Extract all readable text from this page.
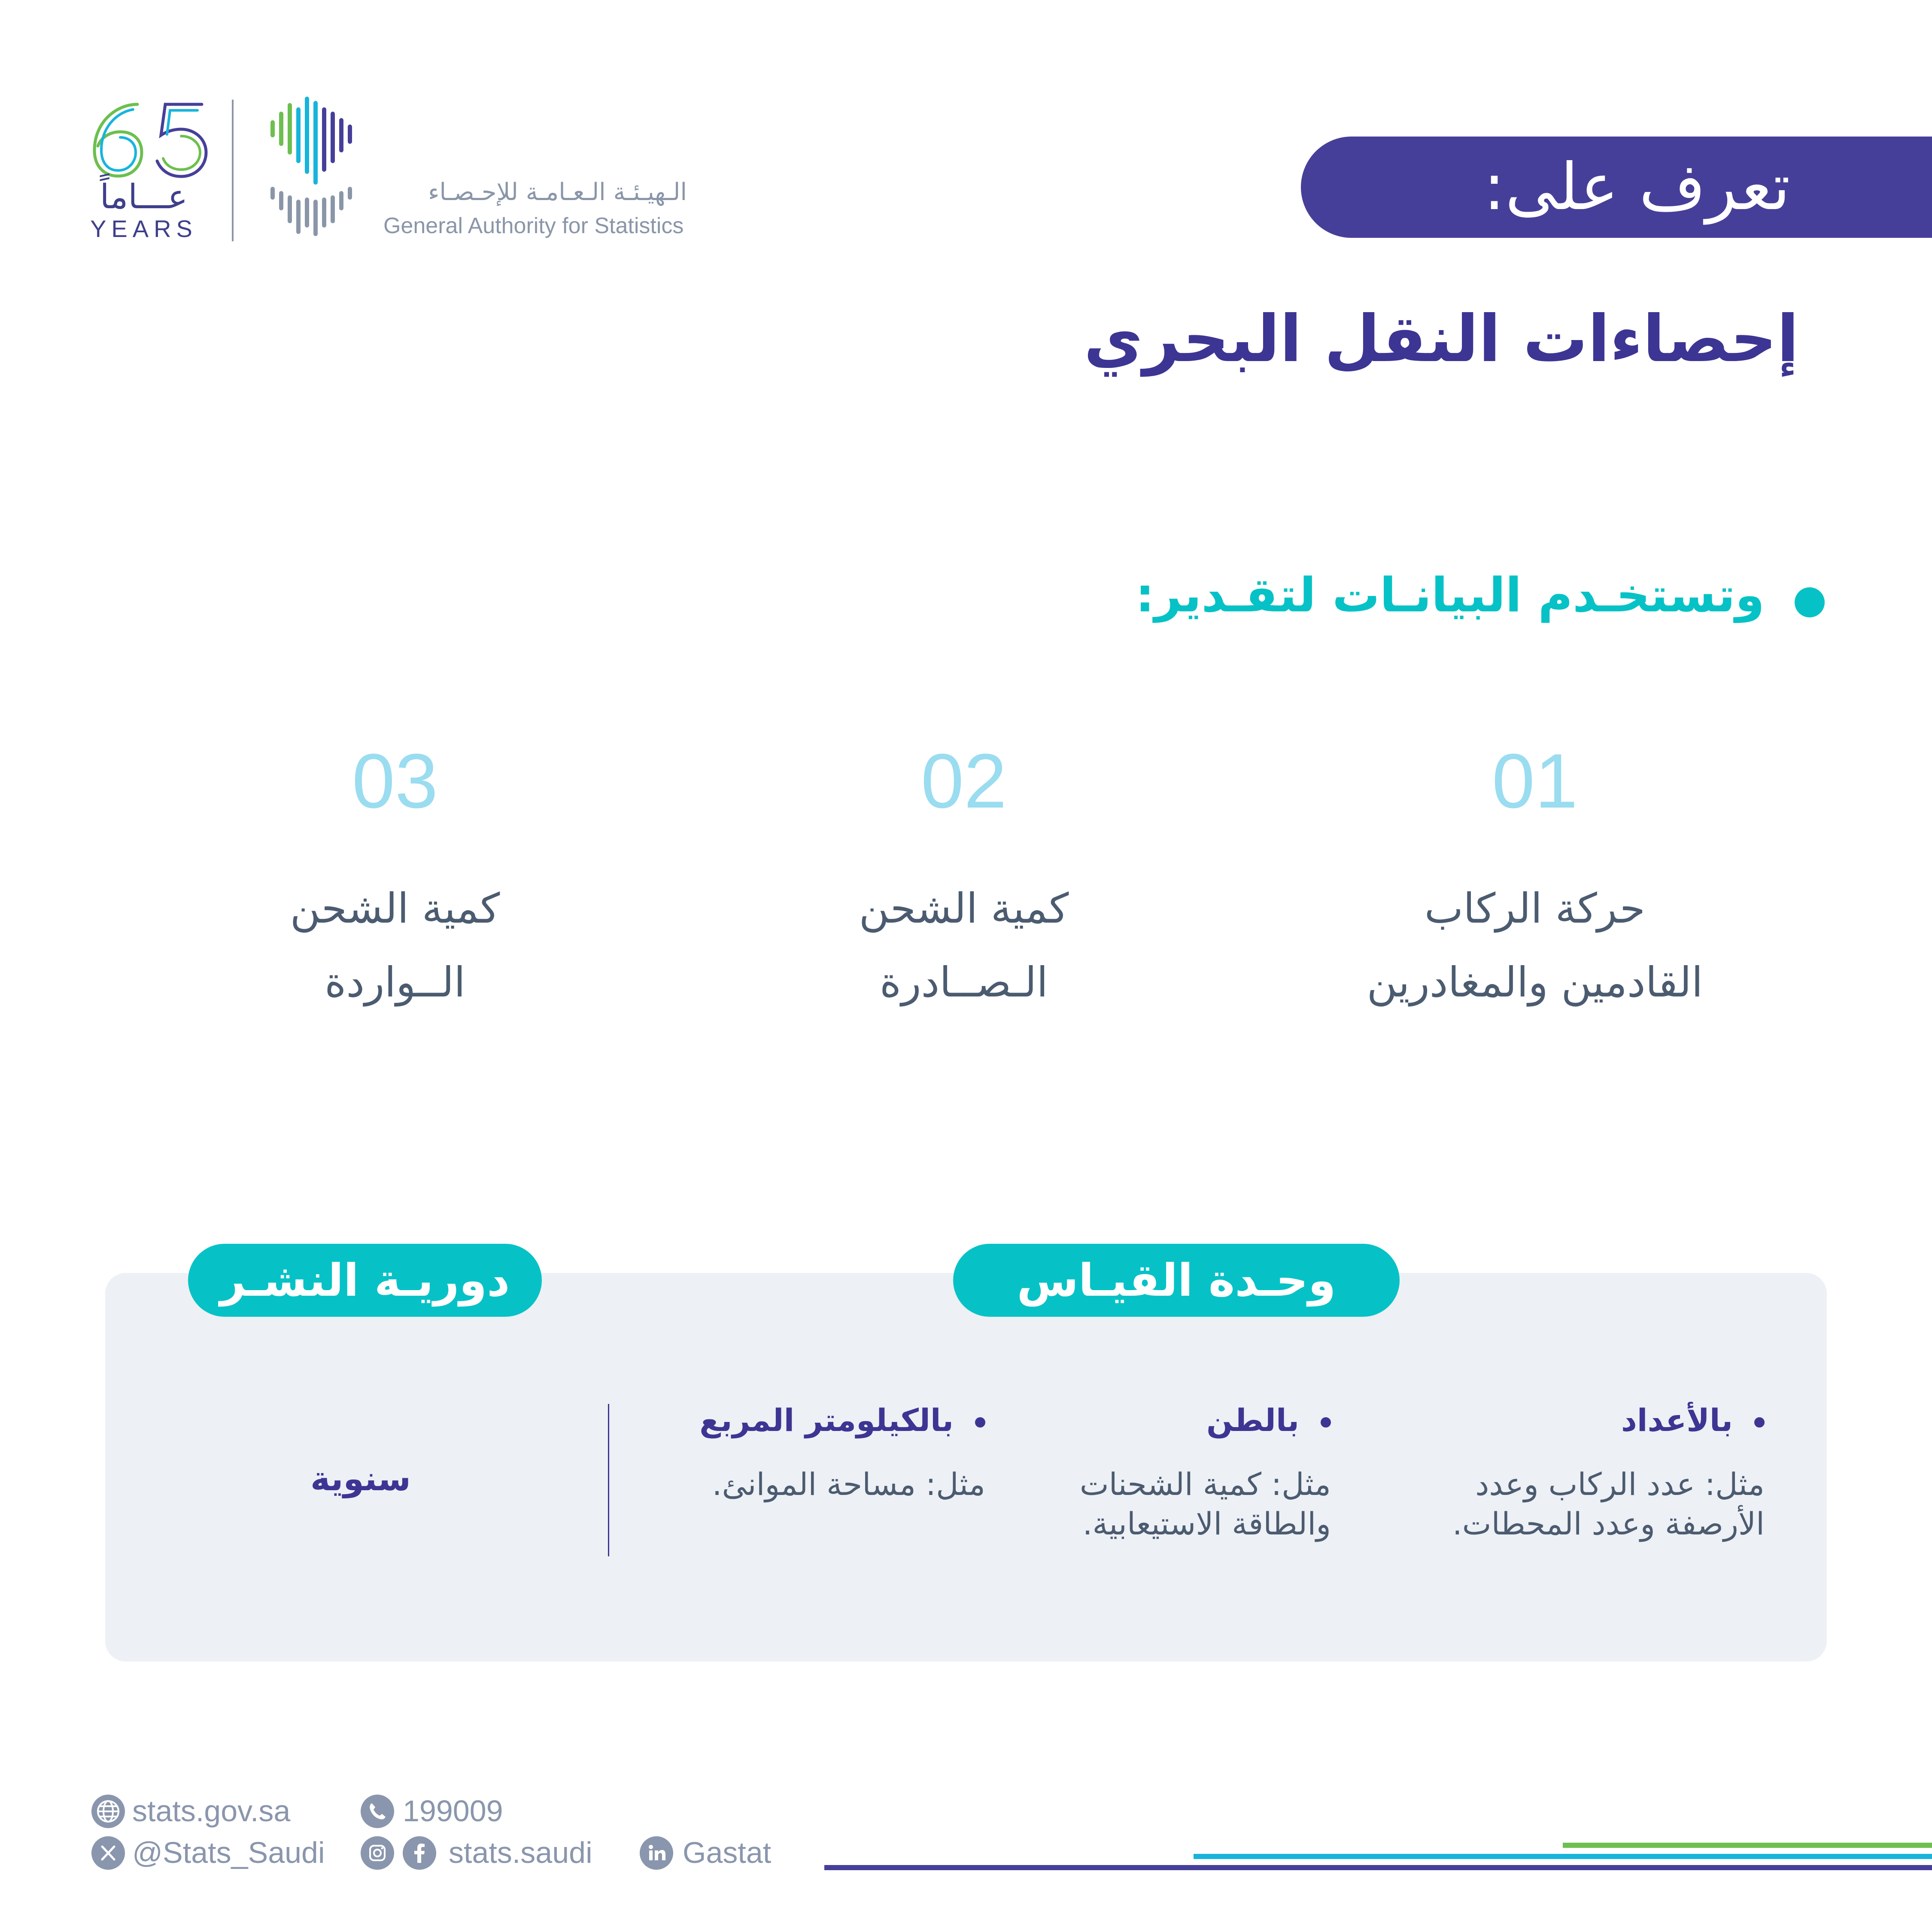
65
عـــاماً
YEARS
الـهيـئـة الـعـامـة للإحـصـاء
General Authority for Statistics
تعرف على:
إحصاءات النقل البحري
وتستخـدم البيانـات لتقـدير:
01
حركة الركاب
القادمين والمغادرين
02
كمية الشحن
الـصــادرة
03
كمية الشحن
الــواردة
وحـدة القيـاس
دوريـة النشـر
بالأعداد
مثل: عدد الركاب وعدد
الأرصفة وعدد المحطات.
بالطن
مثل: كمية الشحنات
والطاقة الاستيعابية.
بالكيلومتر المربع
مثل: مساحة الموانئ.
سنوية
stats.gov.sa	199009
@Stats_Saudi	stats.saudi	Gastat
